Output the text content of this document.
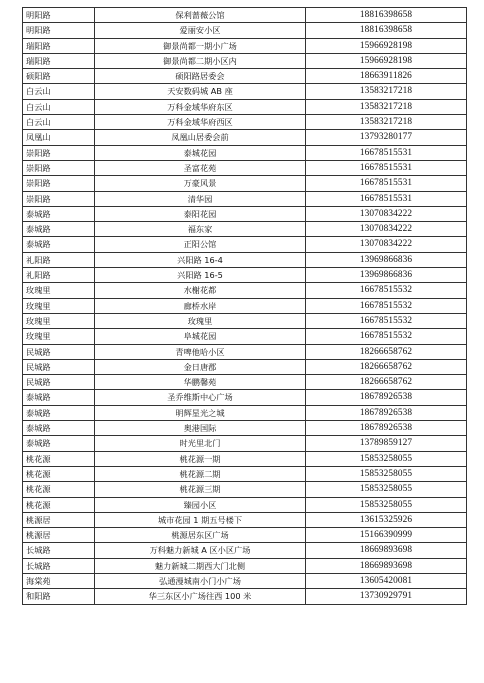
明阳路	保利蔷薇公馆	18816398658
明阳路	爱丽安小区	18816398658
瑞阳路	御景尚都一期小广场	15966928198
瑞阳路	御景尚都二期小区内	15966928198
硕阳路	硕阳路居委会	18663911826
白云山	天安数码城 AB 座	13583217218
白云山	万科金域华府东区	13583217218
白云山	万科金域华府西区	13583217218
凤凰山	凤凰山居委会前	13793280177
崇阳路	泰城花园	16678515531
崇阳路	圣富花苑	16678515531
崇阳路	万豪风景	16678515531
崇阳路	清华园	16678515531
泰城路	泰阳花园	13070834222
泰城路	福东家	13070834222
泰城路	正阳公馆	13070834222
礼阳路	兴阳路 16-4	13969866836
礼阳路	兴阳路 16-5	13969866836
玫瑰里	水榭花都	16678515532
玫瑰里	廊桥水岸	16678515532
玫瑰里	玫瑰里	16678515532
玫瑰里	阜城花园	16678515532
民城路	青啤他哈小区	18266658762
民城路	金日唐郡	18266658762
民城路	华鹏馨苑	18266658762
泰城路	圣乔维斯中心广场	18678926538
泰城路	明辉星光之城	18678926538
泰城路	奥港国际	18678926538
泰城路	时光里北门	13789859127
桃花源	桃花源一期	15853258055
桃花源	桃花源二期	15853258055
桃花源	桃花源三期	15853258055
桃花源	臻园小区	15853258055
桃源居	城市花园 1 期五号楼下	13615325926
桃源居	桃源居东区广场	15166390999
长城路	万科魅力新城 A 区小区广场	18669893698
长城路	魅力新城二期西大门北侧	18669893698
海棠苑	弘通漫城南小门小广场	13605420081
和阳路	华三东区小广场往西 100 米	13730929791
